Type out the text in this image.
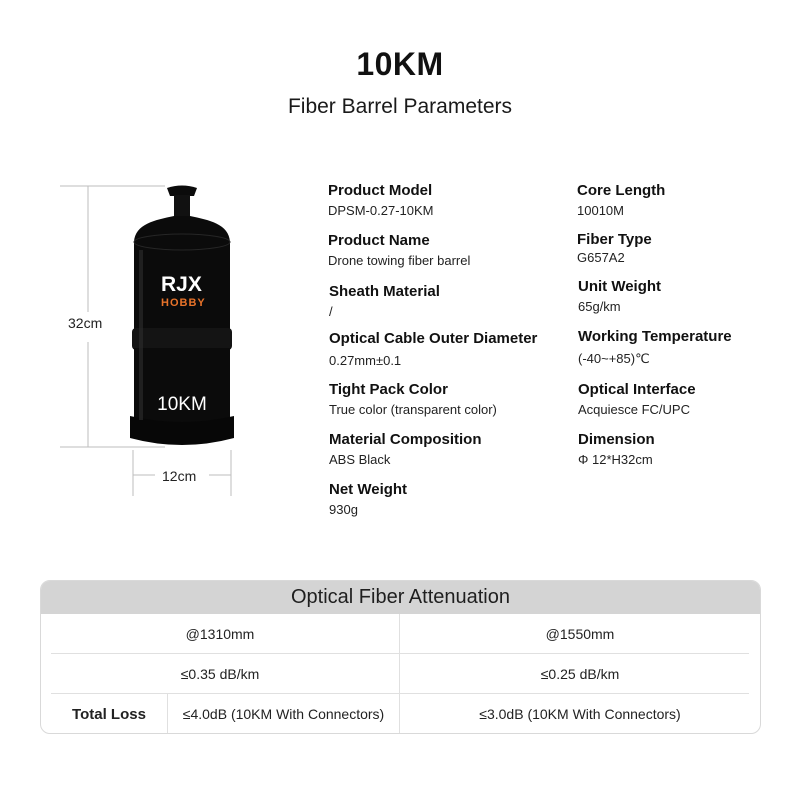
10KM
Fiber Barrel Parameters
32cm
12cm
RJX
HOBBY
10KM
Product Model
DPSM-0.27-10KM
Product Name
Drone towing fiber barrel
Sheath Material
/
Optical Cable Outer Diameter
0.27mm±0.1
Tight Pack Color
True color (transparent color)
Material Composition
ABS Black
Net Weight
930g
Core Length
10010M
Fiber Type
G657A2
Unit Weight
65g/km
Working Temperature
(-40~+85)℃
Optical Interface
Acquiesce FC/UPC
Dimension
Φ 12*H32cm
Optical Fiber Attenuation
@1310mm	@1550mm
≤0.35 dB/km	≤0.25 dB/km
Total Loss	≤4.0dB (10KM With Connectors)	≤3.0dB (10KM With Connectors)
